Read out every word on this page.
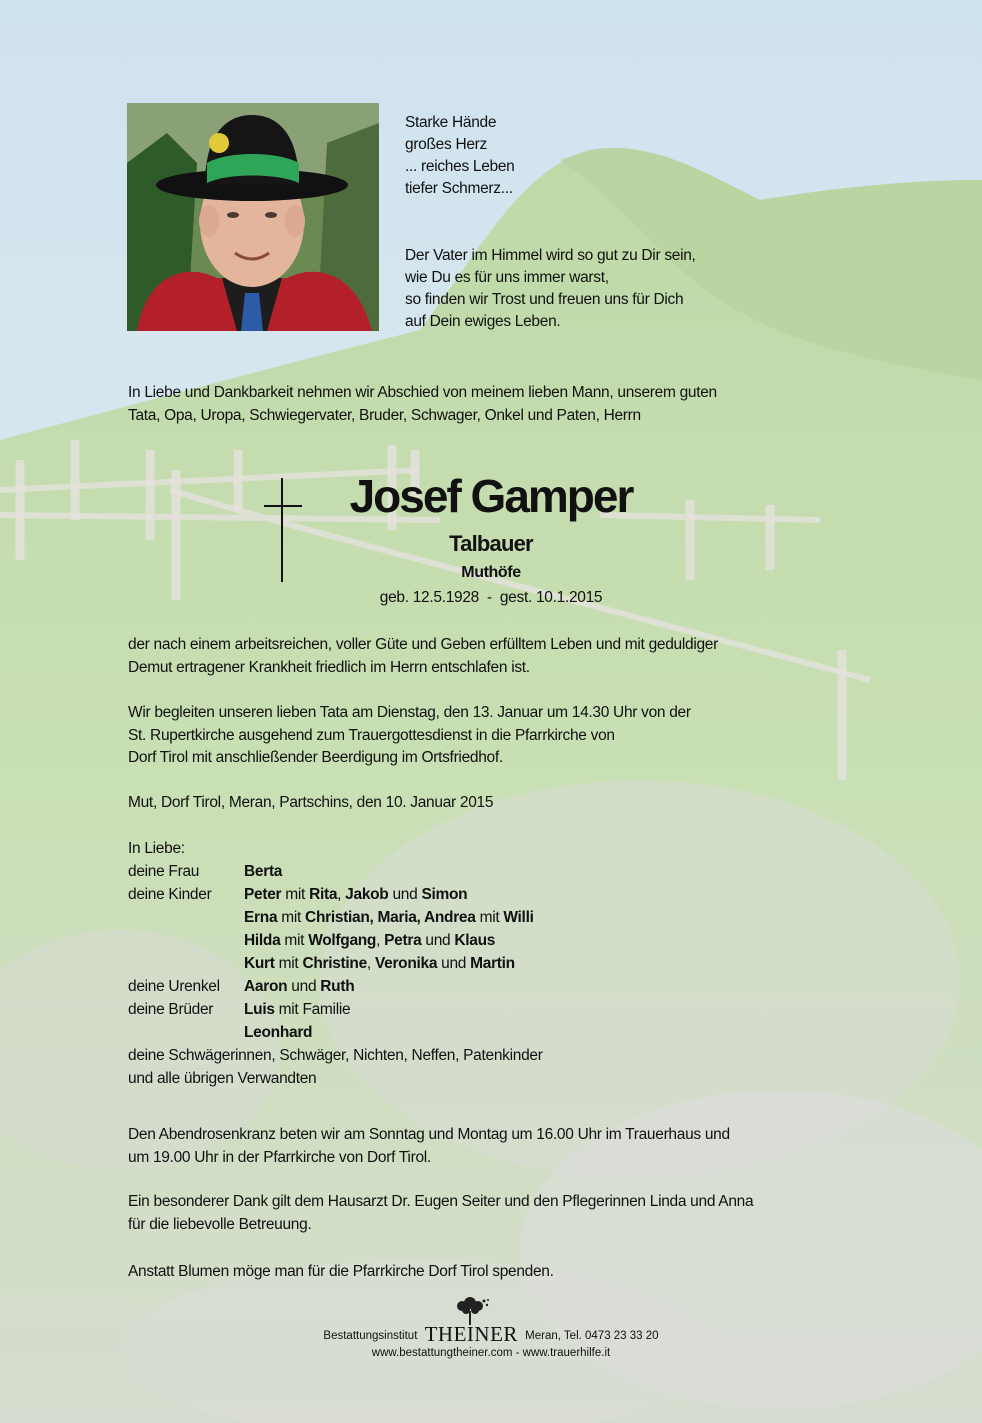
Starke Hände
großes Herz
... reiches Leben
tiefer Schmerz...
Der Vater im Himmel wird so gut zu Dir sein,
wie Du es für uns immer warst,
so finden wir Trost und freuen uns für Dich
auf Dein ewiges Leben.
In Liebe und Dankbarkeit nehmen wir Abschied von meinem lieben Mann, unserem guten
Tata, Opa, Uropa, Schwiegervater, Bruder, Schwager, Onkel und Paten, Herrn
Josef Gamper
Talbauer
Muthöfe
geb. 12.5.1928  -  gest. 10.1.2015
der nach einem arbeitsreichen, voller Güte und Geben erfülltem Leben und mit geduldiger
Demut ertragener Krankheit friedlich im Herrn entschlafen ist.
Wir begleiten unseren lieben Tata am Dienstag, den 13. Januar um 14.30 Uhr von der
St. Rupertkirche ausgehend zum Trauergottesdienst in die Pfarrkirche von
Dorf Tirol mit anschließender Beerdigung im Ortsfriedhof.
Mut, Dorf Tirol, Meran, Partschins, den 10. Januar 2015
In Liebe:
deine Frau	Berta
deine Kinder	Peter mit Rita, Jakob und Simon
Erna mit Christian, Maria, Andrea mit Willi
Hilda mit Wolfgang, Petra und Klaus
Kurt mit Christine, Veronika und Martin
deine Urenkel	Aaron und Ruth
deine Brüder	Luis mit Familie
Leonhard
deine Schwägerinnen, Schwäger, Nichten, Neffen, Patenkinder
und alle übrigen Verwandten
Den Abendrosenkranz beten wir am Sonntag und Montag um 16.00 Uhr im Trauerhaus und
um 19.00 Uhr in der Pfarrkirche von Dorf Tirol.
Ein besonderer Dank gilt dem Hausarzt Dr. Eugen Seiter und den Pflegerinnen Linda und Anna
für die liebevolle Betreuung.
Anstatt Blumen möge man für die Pfarrkirche Dorf Tirol spenden.
Bestattungsinstitut THEINER Meran, Tel. 0473 23 33 20
www.bestattungtheiner.com - www.trauerhilfe.it
